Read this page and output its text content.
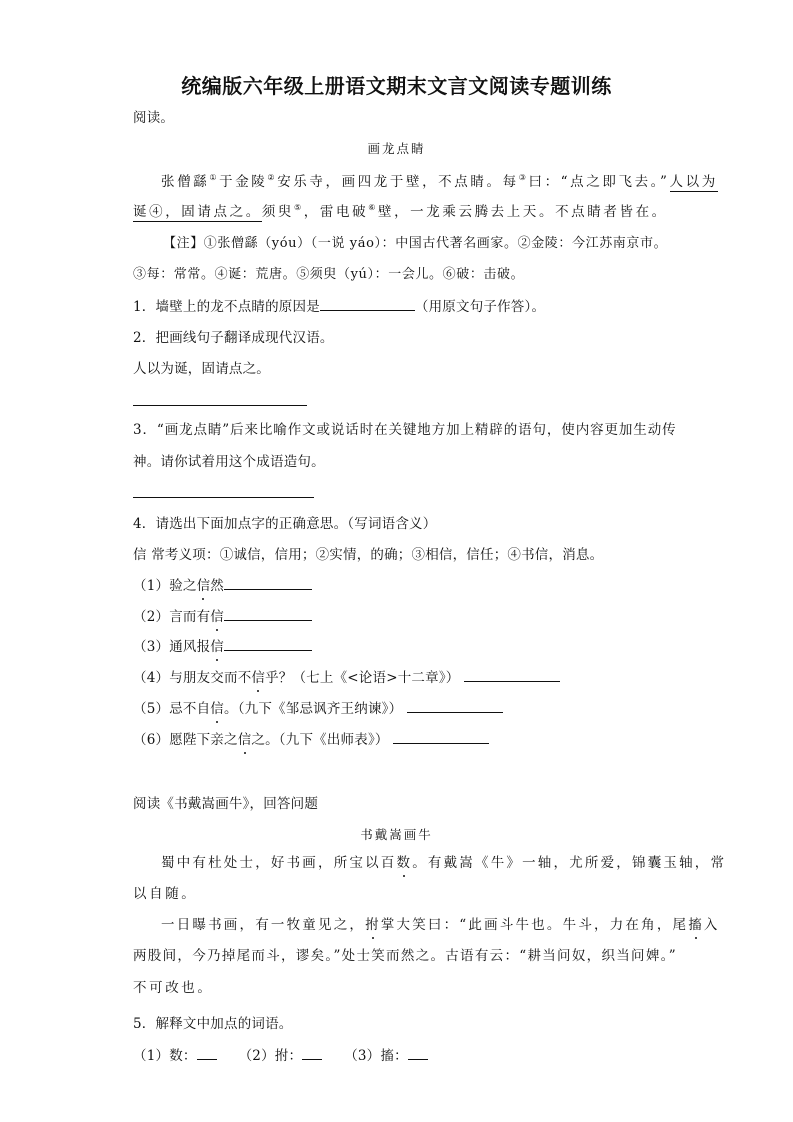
统编版六年级上册语文期末文言文阅读专题训练
阅读。
画龙点睛
张僧繇①于金陵②安乐寺，画四龙于壁，不点睛。每③曰：“点之即飞去。”人以为
诞④，固请点之。须臾⑤，雷电破⑥壁，一龙乘云腾去上天。不点睛者皆在。
【注】①张僧繇（yóu）（一说 yáo）：中国古代著名画家。②金陵：今江苏南京市。
③每：常常。④诞：荒唐。⑤须臾（yú）：一会儿。⑥破：击破。
1．墙壁上的龙不点睛的原因是	（用原文句子作答）。
2．把画线句子翻译成现代汉语。
人以为诞，固请点之。
3．“画龙点睛”后来比喻作文或说话时在关键地方加上精辟的语句，使内容更加生动传
神。请你试着用这个成语造句。
4．请选出下面加点字的正确意思。（写词语含义）
信 常考义项：①诚信，信用；②实情，的确；③相信，信任；④书信，消息。
（1）验之信然
（2）言而有信
（3）通风报信
（4）与朋友交而不信乎？（七上《<论语>十二章》）
（5）忌不自信。（九下《邹忌讽齐王纳谏》）
（6）愿陛下亲之信之。（九下《出师表》）
阅读《书戴嵩画牛》，回答问题
书戴嵩画牛
蜀中有杜处士，好书画，所宝以百数。有戴嵩《牛》一轴，尤所爱，锦囊玉轴，常
以自随。
一日曝书画，有一牧童见之，拊掌大笑曰：“此画斗牛也。牛斗，力在角，尾搐入
两股间，今乃掉尾而斗，谬矣。”处士笑而然之。古语有云：“耕当问奴，织当问婢。”
不可改也。
5．解释文中加点的词语。
（1）数：	（2）拊：	（3）搐：
